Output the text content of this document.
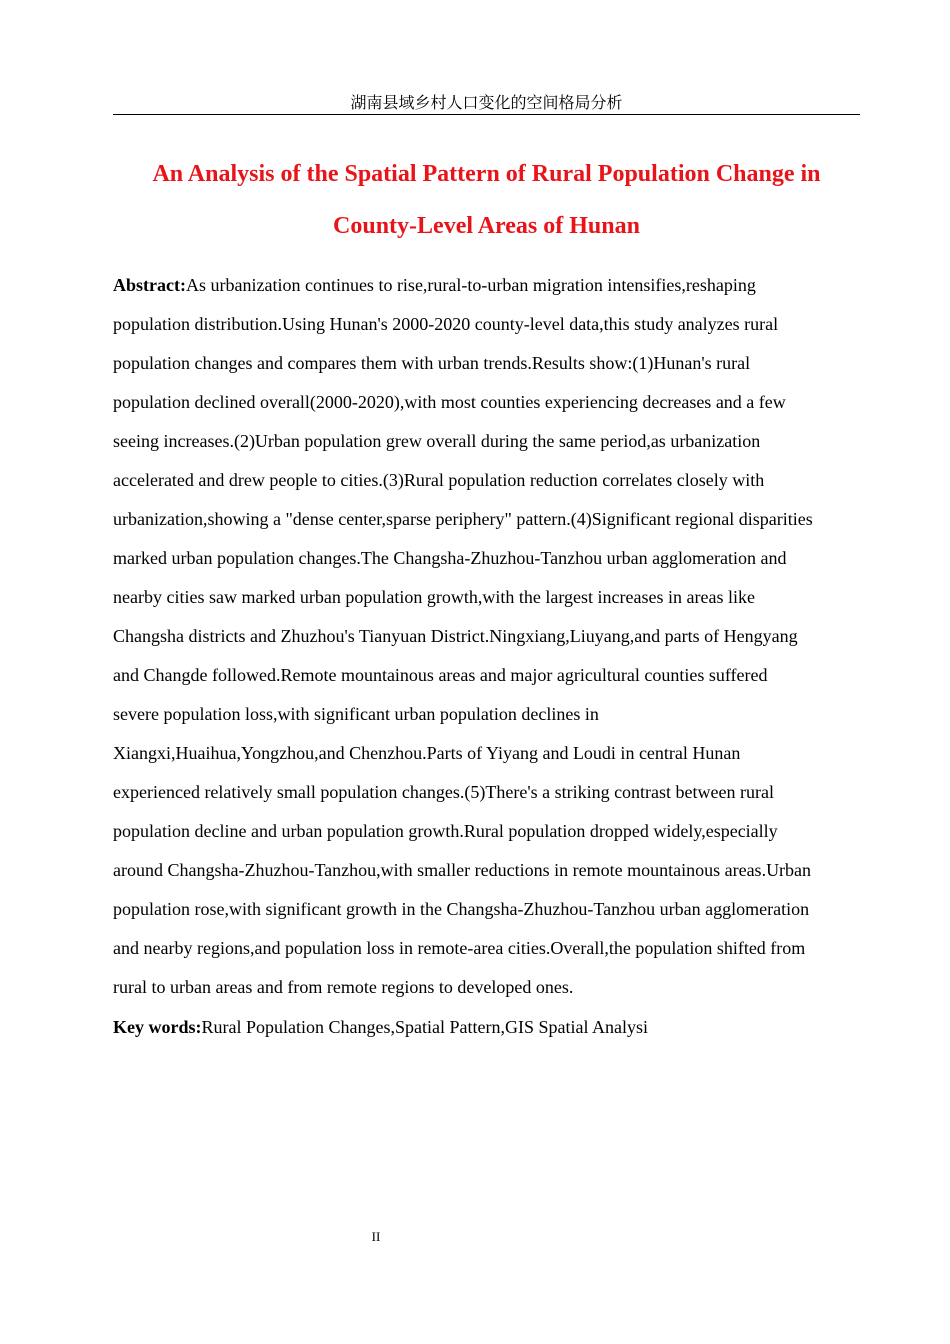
湖南县域乡村人口变化的空间格局分析
An Analysis of the Spatial Pattern of Rural Population Change in County-Level Areas of Hunan

Abstract:As urbanization continues to rise,rural-to-urban migration intensifies,reshaping
population distribution.Using Hunan's 2000-2020 county-level data,this study analyzes rural
population changes and compares them with urban trends.Results show:(1)Hunan's rural
population declined overall(2000-2020),with most counties experiencing decreases and a few
seeing increases.(2)Urban population grew overall during the same period,as urbanization
accelerated and drew people to cities.(3)Rural population reduction correlates closely with
urbanization,showing a "dense center,sparse periphery" pattern.(4)Significant regional disparities
marked urban population changes.The Changsha-Zhuzhou-Tanzhou urban agglomeration and
nearby cities saw marked urban population growth,with the largest increases in areas like
Changsha districts and Zhuzhou's Tianyuan District.Ningxiang,Liuyang,and parts of Hengyang
and Changde followed.Remote mountainous areas and major agricultural counties suffered
severe population loss,with significant urban population declines in
Xiangxi,Huaihua,Yongzhou,and Chenzhou.Parts of Yiyang and Loudi in central Hunan
experienced relatively small population changes.(5)There's a striking contrast between rural
population decline and urban population growth.Rural population dropped widely,especially
around Changsha-Zhuzhou-Tanzhou,with smaller reductions in remote mountainous areas.Urban
population rose,with significant growth in the Changsha-Zhuzhou-Tanzhou urban agglomeration
and nearby regions,and population loss in remote-area cities.Overall,the population shifted from
rural to urban areas and from remote regions to developed ones.

Key words:Rural Population Changes,Spatial Pattern,GIS Spatial Analysi

II
